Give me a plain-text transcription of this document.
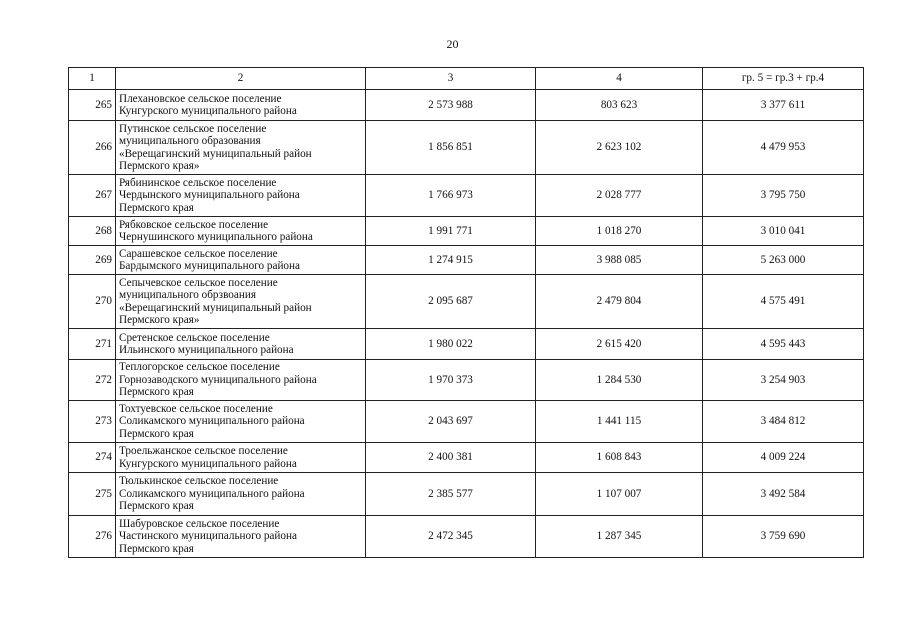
20
1	2	3	4	гр. 5 = гр.3 + гр.4
265	Плехановское сельское поселение
Кунгурского муниципального района	2 573 988	803 623	3 377 611
266	Путинское сельское поселение
муниципального образования
«Верещагинский муниципальный район
Пермского края»	1 856 851	2 623 102	4 479 953
267	Рябининское сельское поселение
Чердынского муниципального района
Пермского края	1 766 973	2 028 777	3 795 750
268	Рябковское сельское поселение
Чернушинского муниципального района	1 991 771	1 018 270	3 010 041
269	Сарашевское сельское поселение
Бардымского муниципального района	1 274 915	3 988 085	5 263 000
270	Сепычевское сельское поселение
муниципального обрзвоания
«Верещагинский муниципальный район
Пермского края»	2 095 687	2 479 804	4 575 491
271	Сретенское сельское поселение
Ильинского муниципального района	1 980 022	2 615 420	4 595 443
272	Теплогорское сельское поселение
Горнозаводского муниципального района
Пермского края	1 970 373	1 284 530	3 254 903
273	Тохтуевское сельское поселение
Соликамского муниципального района
Пермского края	2 043 697	1 441 115	3 484 812
274	Троельжанское сельское поселение
Кунгурского муниципального района	2 400 381	1 608 843	4 009 224
275	Тюлькинское сельское поселение
Соликамского муниципального района
Пермского края	2 385 577	1 107 007	3 492 584
276	Шабуровское сельское поселение
Частинского муниципального района
Пермского края	2 472 345	1 287 345	3 759 690
